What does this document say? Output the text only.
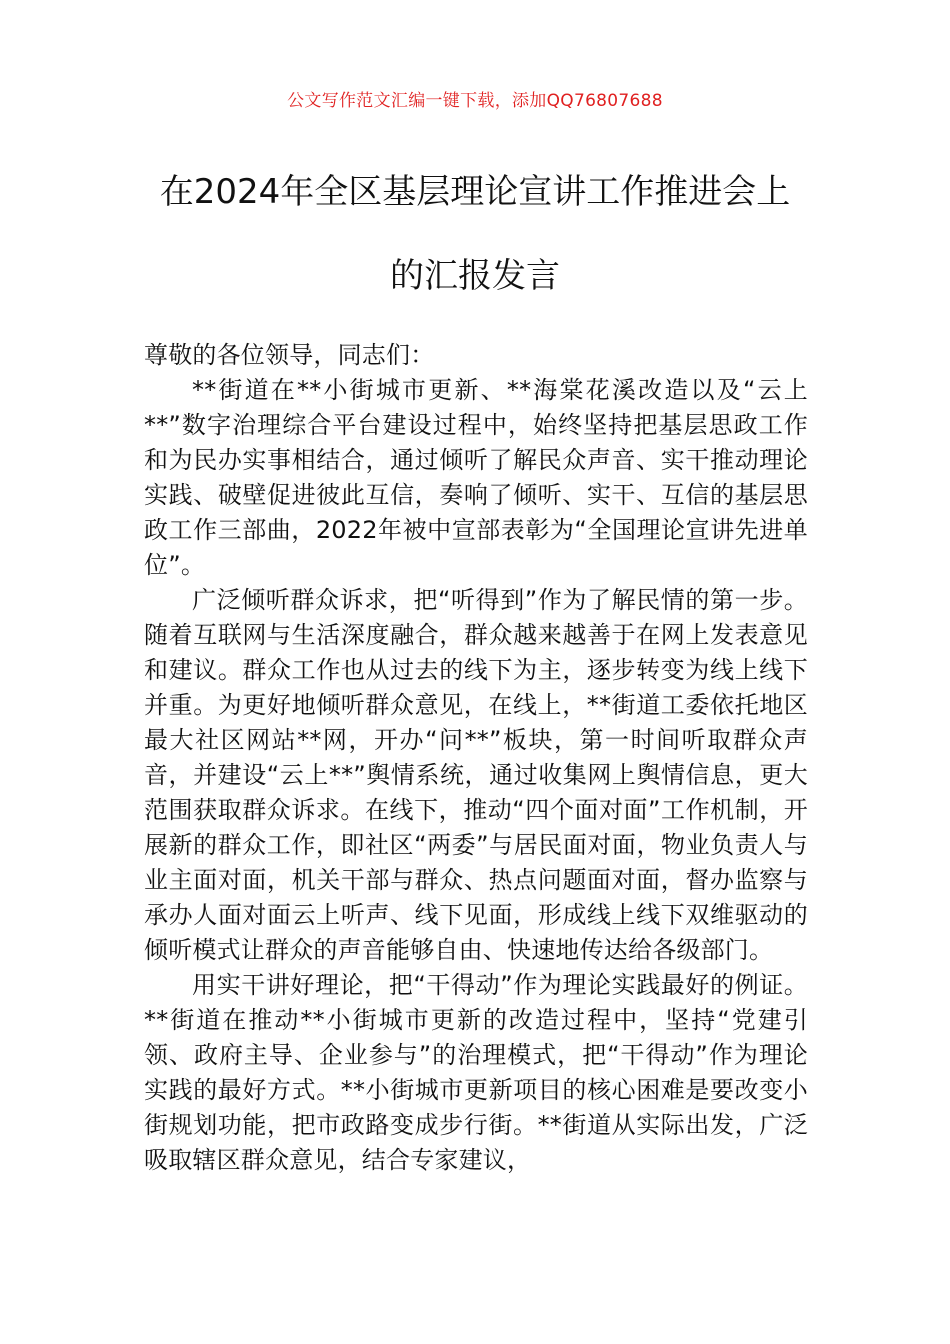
公文写作范文汇编一键下载，添加QQ76807688
在2024年全区基层理论宣讲工作推进会上
的汇报发言

尊敬的各位领导，同志们：

**街道在**小街城市更新、**海棠花溪改造以及“云上**”数字治理综合平台建设过程中，始终坚持把基层思政工作和为民办实事相结合，通过倾听了解民众声音、实干推动理论实践、破壁促进彼此互信，奏响了倾听、实干、互信的基层思政工作三部曲，2022年被中宣部表彰为“全国理论宣讲先进单位”。

广泛倾听群众诉求，把“听得到”作为了解民情的第一步。随着互联网与生活深度融合，群众越来越善于在网上发表意见和建议。群众工作也从过去的线下为主，逐步转变为线上线下并重。为更好地倾听群众意见，在线上，**街道工委依托地区最大社区网站**网，开办“问**”板块，第一时间听取群众声音，并建设“云上**”舆情系统，通过收集网上舆情信息，更大范围获取群众诉求。在线下，推动“四个面对面”工作机制，开展新的群众工作，即社区“两委”与居民面对面，物业负责人与业主面对面，机关干部与群众、热点问题面对面，督办监察与承办人面对面云上听声、线下见面，形成线上线下双维驱动的倾听模式让群众的声音能够自由、快速地传达给各级部门。

用实干讲好理论，把“干得动”作为理论实践最好的例证。**街道在推动**小街城市更新的改造过程中，坚持“党建引领、政府主导、企业参与”的治理模式，把“干得动”作为理论实践的最好方式。**小街城市更新项目的核心困难是要改变小街规划功能，把市政路变成步行街。**街道从实际出发，广泛吸取辖区群众意见，结合专家建议，
